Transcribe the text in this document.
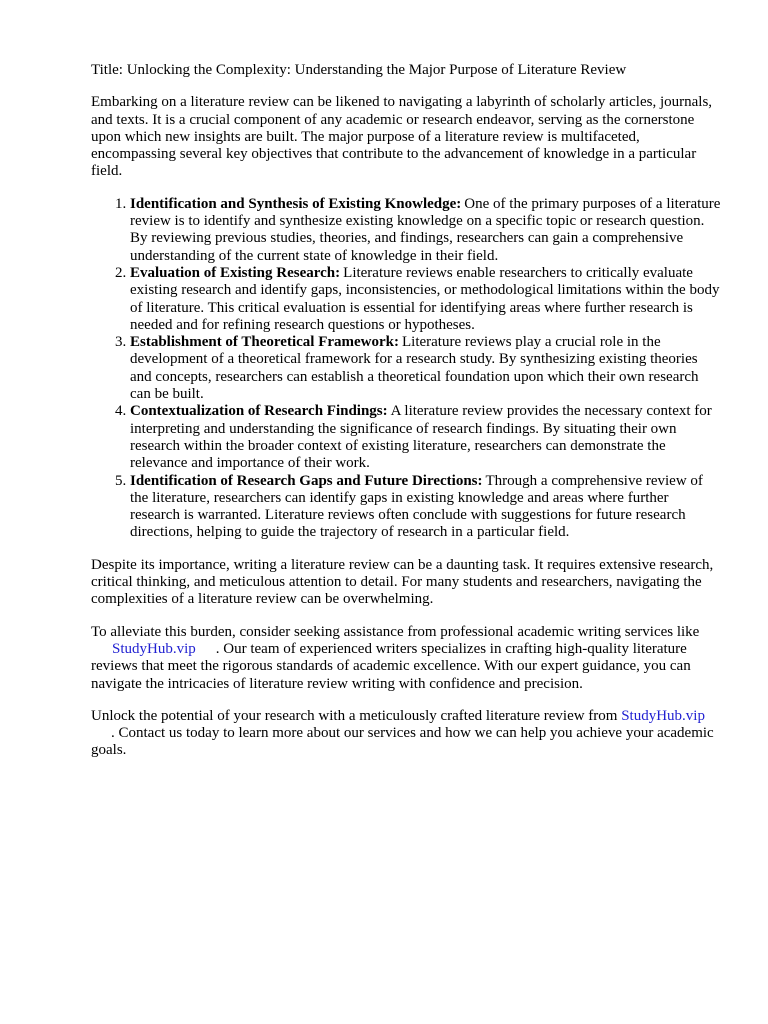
Title: Unlocking the Complexity: Understanding the Major Purpose of Literature Review

Embarking on a literature review can be likened to navigating a labyrinth of scholarly articles, journals, and texts. It is a crucial component of any academic or research endeavor, serving as the cornerstone upon which new insights are built. The major purpose of a literature review is multifaceted, encompassing several key objectives that contribute to the advancement of knowledge in a particular field.

1. Identification and Synthesis of Existing Knowledge: One of the primary purposes of a literature review is to identify and synthesize existing knowledge on a specific topic or research question. By reviewing previous studies, theories, and findings, researchers can gain a comprehensive understanding of the current state of knowledge in their field.
2. Evaluation of Existing Research: Literature reviews enable researchers to critically evaluate existing research and identify gaps, inconsistencies, or methodological limitations within the body of literature. This critical evaluation is essential for identifying areas where further research is needed and for refining research questions or hypotheses.
3. Establishment of Theoretical Framework: Literature reviews play a crucial role in the development of a theoretical framework for a research study. By synthesizing existing theories and concepts, researchers can establish a theoretical foundation upon which their own research can be built.
4. Contextualization of Research Findings: A literature review provides the necessary context for interpreting and understanding the significance of research findings. By situating their own research within the broader context of existing literature, researchers can demonstrate the relevance and importance of their work.
5. Identification of Research Gaps and Future Directions: Through a comprehensive review of the literature, researchers can identify gaps in existing knowledge and areas where further research is warranted. Literature reviews often conclude with suggestions for future research directions, helping to guide the trajectory of research in a particular field.

Despite its importance, writing a literature review can be a daunting task. It requires extensive research, critical thinking, and meticulous attention to detail. For many students and researchers, navigating the complexities of a literature review can be overwhelming.

To alleviate this burden, consider seeking assistance from professional academic writing services like StudyHub.vip . Our team of experienced writers specializes in crafting high-quality literature reviews that meet the rigorous standards of academic excellence. With our expert guidance, you can navigate the intricacies of literature review writing with confidence and precision.

Unlock the potential of your research with a meticulously crafted literature review from StudyHub.vip. Contact us today to learn more about our services and how we can help you achieve your academic goals.
